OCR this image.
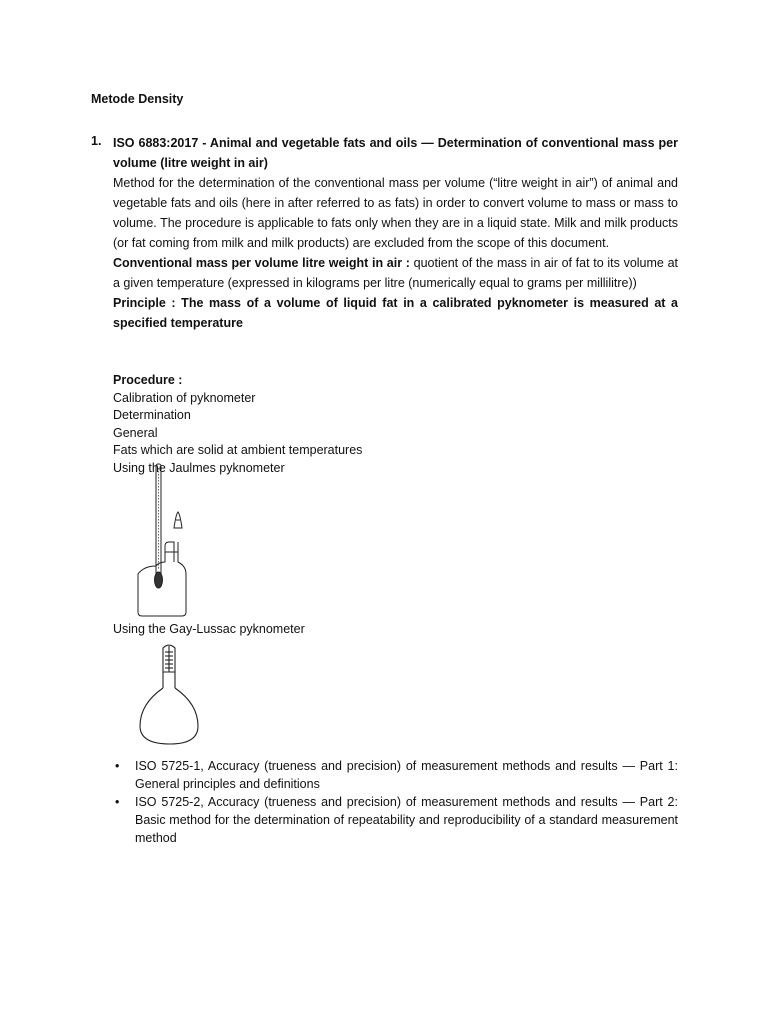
Metode Density
1. ISO 6883:2017 - Animal and vegetable fats and oils — Determination of conventional mass per volume (litre weight in air)

Method for the determination of the conventional mass per volume (“litre weight in air”) of animal and vegetable fats and oils (here in after referred to as fats) in order to convert volume to mass or mass to volume. The procedure is applicable to fats only when they are in a liquid state. Milk and milk products (or fat coming from milk and milk products) are excluded from the scope of this document.

Conventional mass per volume litre weight in air : quotient of the mass in air of fat to its volume at a given temperature (expressed in kilograms per litre (numerically equal to grams per millilitre))

Principle : The mass of a volume of liquid fat in a calibrated pyknometer is measured at a specified temperature

Procedure :
Calibration of pyknometer
Determination
General
Fats which are solid at ambient temperatures
Using the Jaulmes pyknometer
Using the Gay-Lussac pyknometer
• ISO 5725-1, Accuracy (trueness and precision) of measurement methods and results — Part 1: General principles and definitions
• ISO 5725-2, Accuracy (trueness and precision) of measurement methods and results — Part 2: Basic method for the determination of repeatability and reproducibility of a standard measurement method
